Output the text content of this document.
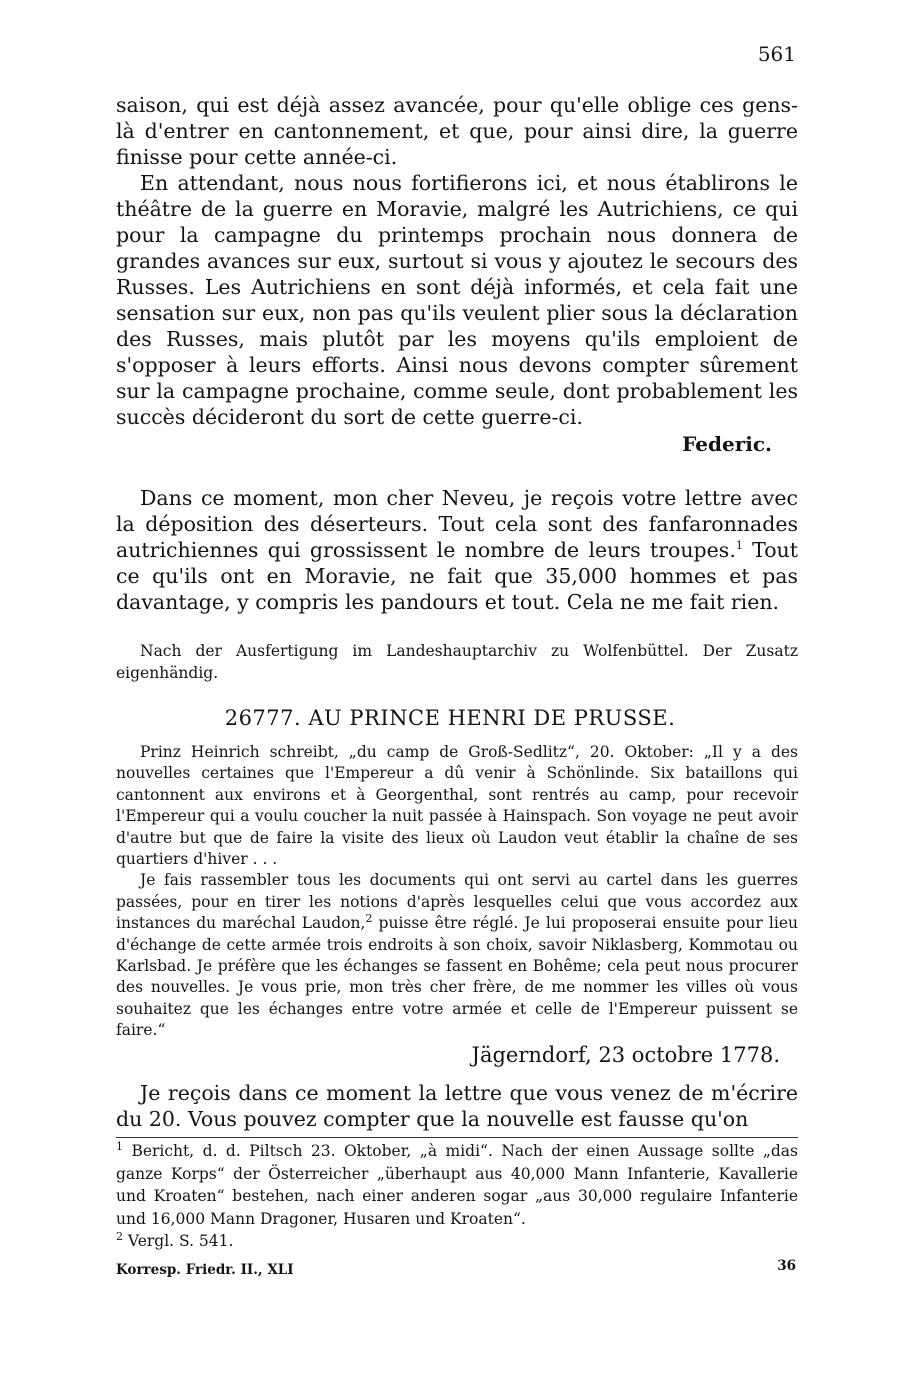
561

saison, qui est déjà assez avancée, pour qu'elle oblige ces gens-là d'entrer en cantonnement, et que, pour ainsi dire, la guerre finisse pour cette année-ci.

En attendant, nous nous fortifierons ici, et nous établirons le théâtre de la guerre en Moravie, malgré les Autrichiens, ce qui pour la campagne du printemps prochain nous donnera de grandes avances sur eux, surtout si vous y ajoutez le secours des Russes. Les Autrichiens en sont déjà informés, et cela fait une sensation sur eux, non pas qu'ils veulent plier sous la déclaration des Russes, mais plutôt par les moyens qu'ils emploient de s'opposer à leurs efforts. Ainsi nous devons compter sûrement sur la campagne prochaine, comme seule, dont probablement les succès décideront du sort de cette guerre-ci.

Federic.

Dans ce moment, mon cher Neveu, je reçois votre lettre avec la déposition des déserteurs. Tout cela sont des fanfaronnades autrichiennes qui grossissent le nombre de leurs troupes.$^1$ Tout ce qu'ils ont en Moravie, ne fait que 35,000 hommes et pas davantage, y compris les pandours et tout. Cela ne me fait rien.

Nach der Ausfertigung im Landeshauptarchiv zu Wolfenbüttel. Der Zusatz eigenhändig.
26777. AU PRINCE HENRI DE PRUSSE.

Prinz Heinrich schreibt, „du camp de Groß-Sedlitz“, 20. Oktober: „Il y a des nouvelles certaines que l'Empereur a dû venir à Schönlinde. Six bataillons qui cantonnent aux environs et à Georgenthal, sont rentrés au camp, pour recevoir l'Empereur qui a voulu coucher la nuit passée à Hainspach. Son voyage ne peut avoir d'autre but que de faire la visite des lieux où Laudon veut établir la chaîne de ses quartiers d'hiver . . .

Je fais rassembler tous les documents qui ont servi au cartel dans les guerres passées, pour en tirer les notions d'après lesquelles celui que vous accordez aux instances du maréchal Laudon,$^2$ puisse être réglé. Je lui proposerai ensuite pour lieu d'échange de cette armée trois endroits à son choix, savoir Niklasberg, Kommotau ou Karlsbad. Je préfère que les échanges se fassent en Bohême; cela peut nous procurer des nouvelles. Je vous prie, mon très cher frère, de me nommer les villes où vous souhaitez que les échanges entre votre armée et celle de l'Empereur puissent se faire.“

Jägerndorf, 23 octobre 1778.

Je reçois dans ce moment la lettre que vous venez de m'écrire du 20. Vous pouvez compter que la nouvelle est fausse qu'on

$^1$ Bericht, d. d. Piltsch 23. Oktober, „à midi“. Nach der einen Aussage sollte „das ganze Korps“ der Österreicher „überhaupt aus 40,000 Mann Infanterie, Kavallerie und Kroaten“ bestehen, nach einer anderen sogar „aus 30,000 regulaire Infanterie und 16,000 Mann Dragoner, Husaren und Kroaten“.

$^2$ Vergl. S. 541.

Korresp. Friedr. II., XLI	36
